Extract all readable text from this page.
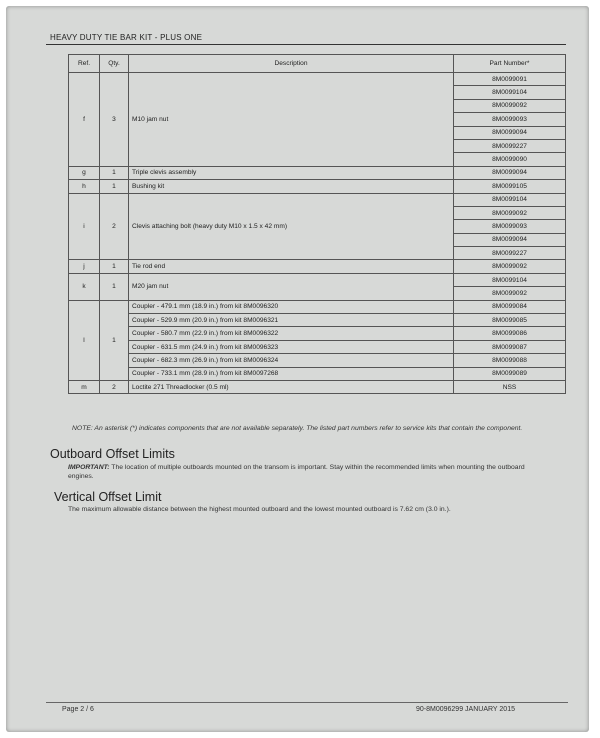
HEAVY DUTY TIE BAR KIT - PLUS ONE
Ref.	Qty.	Description	Part Number*
f	3	M10 jam nut	8M0099091
			8M0099104
			8M0099092
			8M0099093
			8M0099094
			8M0099227
			8M0099090
g	1	Triple clevis assembly	8M0099094
h	1	Bushing kit	8M0099105
i	2	Clevis attaching bolt (heavy duty M10 x 1.5 x 42 mm)	8M0099104
			8M0099092
			8M0099093
			8M0099094
			8M0099227
j	1	Tie rod end	8M0099092
k	1	M20 jam nut	8M0099104
			8M0099092
l	1	Coupler - 479.1 mm (18.9 in.) from kit 8M0096320	8M0099084
		Coupler - 529.9 mm (20.9 in.) from kit 8M0096321	8M0099085
		Coupler - 580.7 mm (22.9 in.) from kit 8M0096322	8M0099086
		Coupler - 631.5 mm (24.9 in.) from kit 8M0096323	8M0099087
		Coupler - 682.3 mm (26.9 in.) from kit 8M0096324	8M0099088
		Coupler - 733.1 mm (28.9 in.) from kit 8M0097268	8M0099089
m	2	Loctite 271 Threadlocker (0.5 ml)	NSS
NOTE: An asterisk (*) indicates components that are not available separately. The listed part numbers refer to service kits that contain the component.
Outboard Offset Limits
IMPORTANT: The location of multiple outboards mounted on the transom is important. Stay within the recommended limits when mounting the outboard engines.
Vertical Offset Limit
The maximum allowable distance between the highest mounted outboard and the lowest mounted outboard is 7.62 cm (3.0 in.).
Page 2 / 6	90-8M0096299 JANUARY 2015
